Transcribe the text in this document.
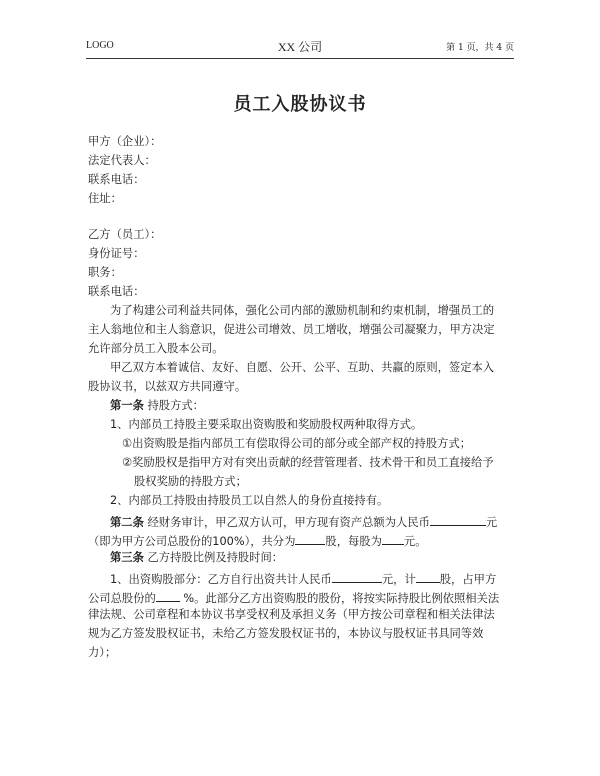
LOGO	XX 公司	第 1 页，共 4 页
员工入股协议书
甲方（企业）：
法定代表人：
联系电话：
住址：
乙方（员工）：
身份证号：
职务：
联系电话：
为了构建公司利益共同体，强化公司内部的激励机制和约束机制，增强员工的
主人翁地位和主人翁意识，促进公司增效、员工增收，增强公司凝聚力，甲方决定
允许部分员工入股本公司。
甲乙双方本着诚信、友好、自愿、公开、公平、互助、共赢的原则，签定本入
股协议书，以兹双方共同遵守。
第一条 持股方式：
1、内部员工持股主要采取出资购股和奖励股权两种取得方式。
①出资购股是指内部员工有偿取得公司的部分或全部产权的持股方式；
②奖励股权是指甲方对有突出贡献的经营管理者、技术骨干和员工直接给予
股权奖励的持股方式；
2、内部员工持股由持股员工以自然人的身份直接持有。
第二条 经财务审计，甲乙双方认可，甲方现有资产总额为人民币	元
（即为甲方公司总股份的100%），共分为	股，每股为 元。
第三条 乙方持股比例及持股时间：
1、出资购股部分：乙方自行出资共计人民币	元，计 股，占甲方
公司总股份的 %。此部分乙方出资购股的股份，将按实际持股比例依照相关法
律法规、公司章程和本协议书享受权利及承担义务（甲方按公司章程和相关法律法
规为乙方签发股权证书，未给乙方签发股权证书的，本协议与股权证书具同等效
力）；
